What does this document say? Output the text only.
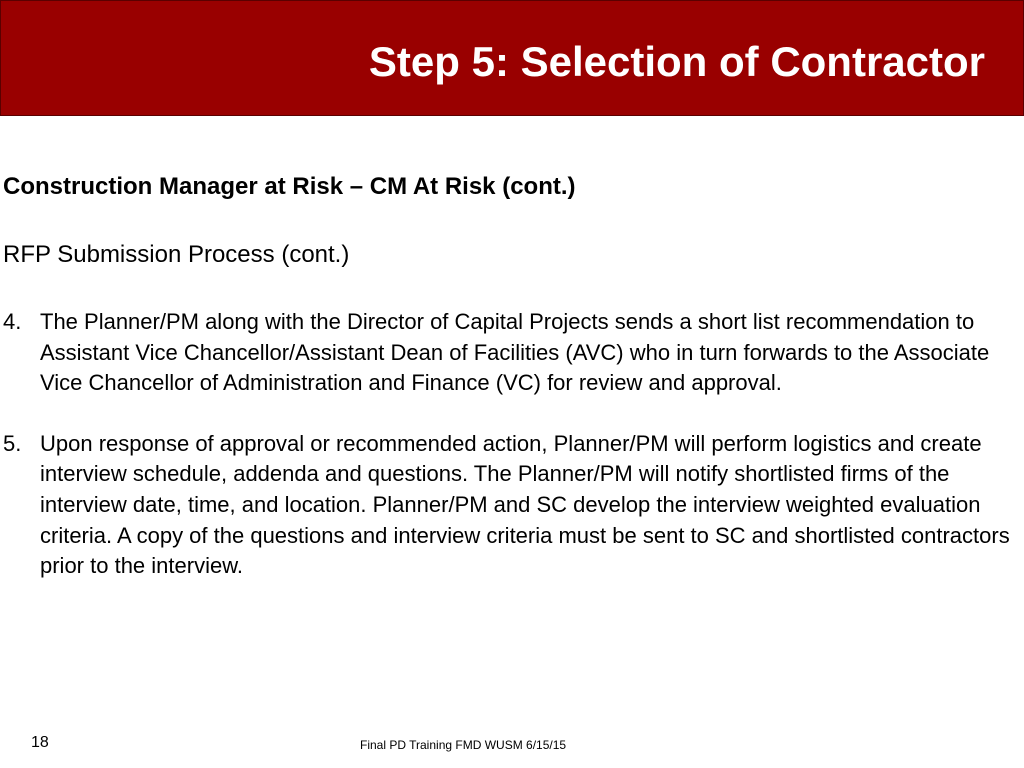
Step 5: Selection of Contractor
Construction Manager at Risk – CM At Risk (cont.)

RFP Submission Process (cont.)

4. The Planner/PM along with the Director of Capital Projects sends a short list recommendation to Assistant Vice Chancellor/Assistant Dean of Facilities (AVC) who in turn forwards to the Associate Vice Chancellor of Administration and Finance (VC) for review and approval.
5. Upon response of approval or recommended action, Planner/PM will perform logistics and create interview schedule, addenda and questions. The Planner/PM will notify shortlisted firms of the interview date, time, and location. Planner/PM and SC develop the interview weighted evaluation criteria. A copy of the questions and interview criteria must be sent to SC and shortlisted contractors prior to the interview.
18	Final PD Training FMD WUSM 6/15/15
